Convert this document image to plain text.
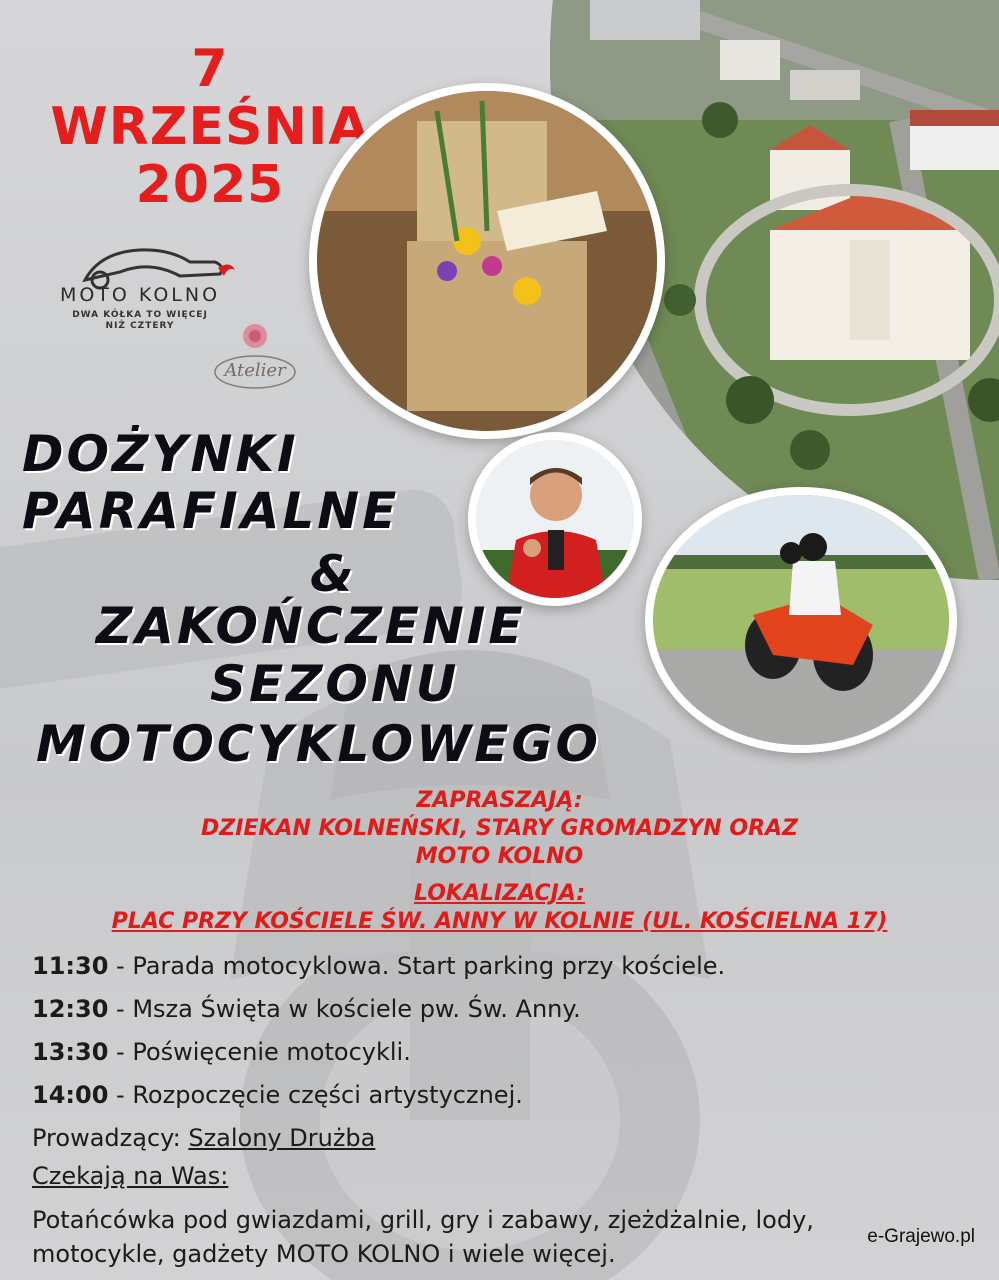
7
WRZEŚNIA
2025
MOTO KOLNO
DWA KÓŁKA TO WIĘCEJ
NIŻ CZTERY
Atelier
DOŻYNKI
PARAFIALNE
&
ZAKOŃCZENIE
SEZONU
MOTOCYKLOWEGO
ZAPRASZAJĄ:
DZIEKAN KOLNEŃSKI, STARY GROMADZYN ORAZ
MOTO KOLNO
LOKALIZACJA:
PLAC PRZY KOŚCIELE ŚW. ANNY W KOLNIE (UL. KOŚCIELNA 17)
11:30 - Parada motocyklowa. Start parking przy kościele.
12:30 - Msza Święta w kościele pw. Św. Anny.
13:30 - Poświęcenie motocykli.
14:00 - Rozpoczęcie części artystycznej.
Prowadzący: Szalony Drużba
Czekają na Was:
Potańcówka pod gwiazdami, grill, gry i zabawy, zjeżdżalnie, lody,
motocykle, gadżety MOTO KOLNO i wiele więcej.
e-Grajewo.pl
